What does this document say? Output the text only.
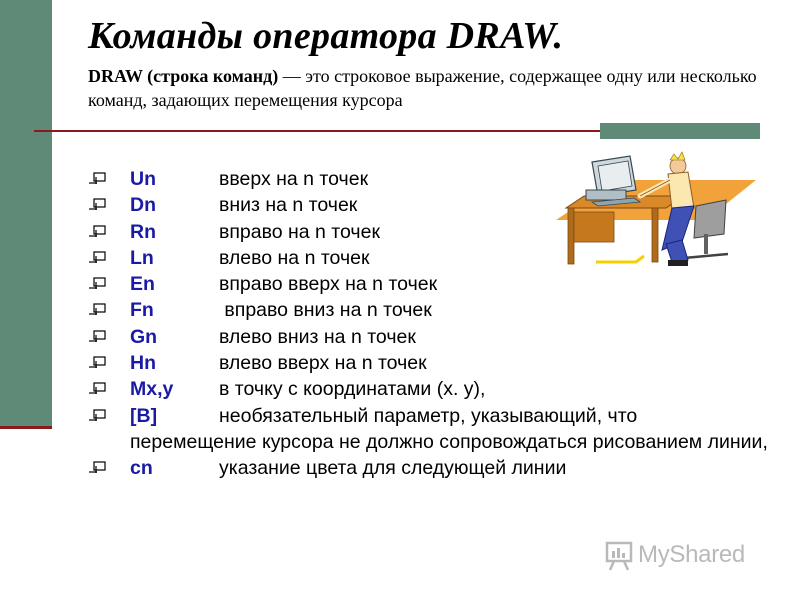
Команды оператора DRAW.
DRAW (строка команд) — это строковое выражение, содержащее одну или несколько команд, задающих перемещения курсора
Un	вверх на n точек
Dn	вниз на n точек
Rn	вправо на n точек
Ln	влево на n точек
En	вправо вверх на n точек
Fn	вправо вниз на n точек
Gn	влево вниз на n точек
Hn	влево вверх на n точек
Mx,y в точку с координатами (x. y),
[B]	необязательный параметр, указывающий, что
перемещение курсора не должно сопровождаться рисованием линии,
cn	указание цвета для следующей линии
MyShared
